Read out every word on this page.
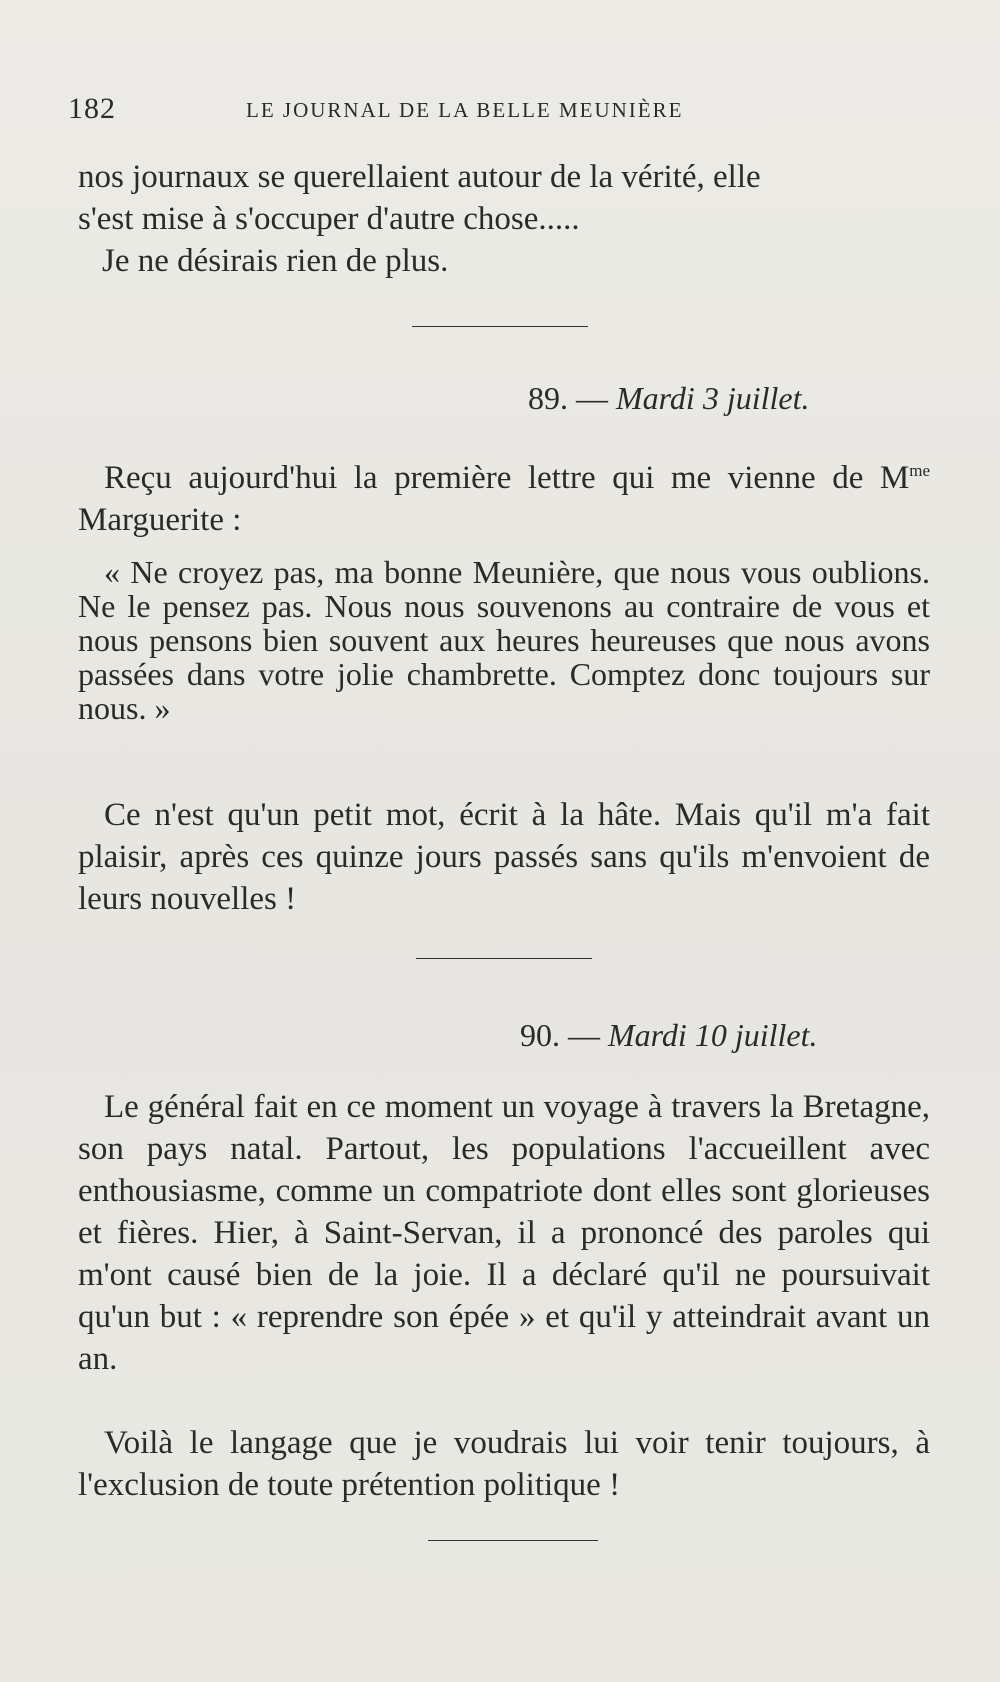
182	LE JOURNAL DE LA BELLE MEUNIÈRE

nos journaux se querellaient autour de la vérité, elle

s'est mise à s'occuper d'autre chose.....

Je ne désirais rien de plus.

89. — Mardi 3 juillet.

Reçu aujourd'hui la première lettre qui me vienne de $M^{me}$ Marguerite :

« Ne croyez pas, ma bonne Meunière, que nous vous oublions. Ne le pensez pas. Nous nous souvenons au contraire de vous et nous pensons bien souvent aux heures heureuses que nous avons passées dans votre jolie chambrette. Comptez donc toujours sur nous. »

Ce n'est qu'un petit mot, écrit à la hâte. Mais qu'il m'a fait plaisir, après ces quinze jours passés sans qu'ils m'envoient de leurs nouvelles !

90. — Mardi 10 juillet.

Le général fait en ce moment un voyage à travers la Bretagne, son pays natal. Partout, les populations l'accueillent avec enthousiasme, comme un compatriote dont elles sont glorieuses et fières. Hier, à Saint-Servan, il a prononcé des paroles qui m'ont causé bien de la joie. Il a déclaré qu'il ne poursuivait qu'un but : « reprendre son épée » et qu'il y atteindrait avant un an.

Voilà le langage que je voudrais lui voir tenir toujours, à l'exclusion de toute prétention politique !
